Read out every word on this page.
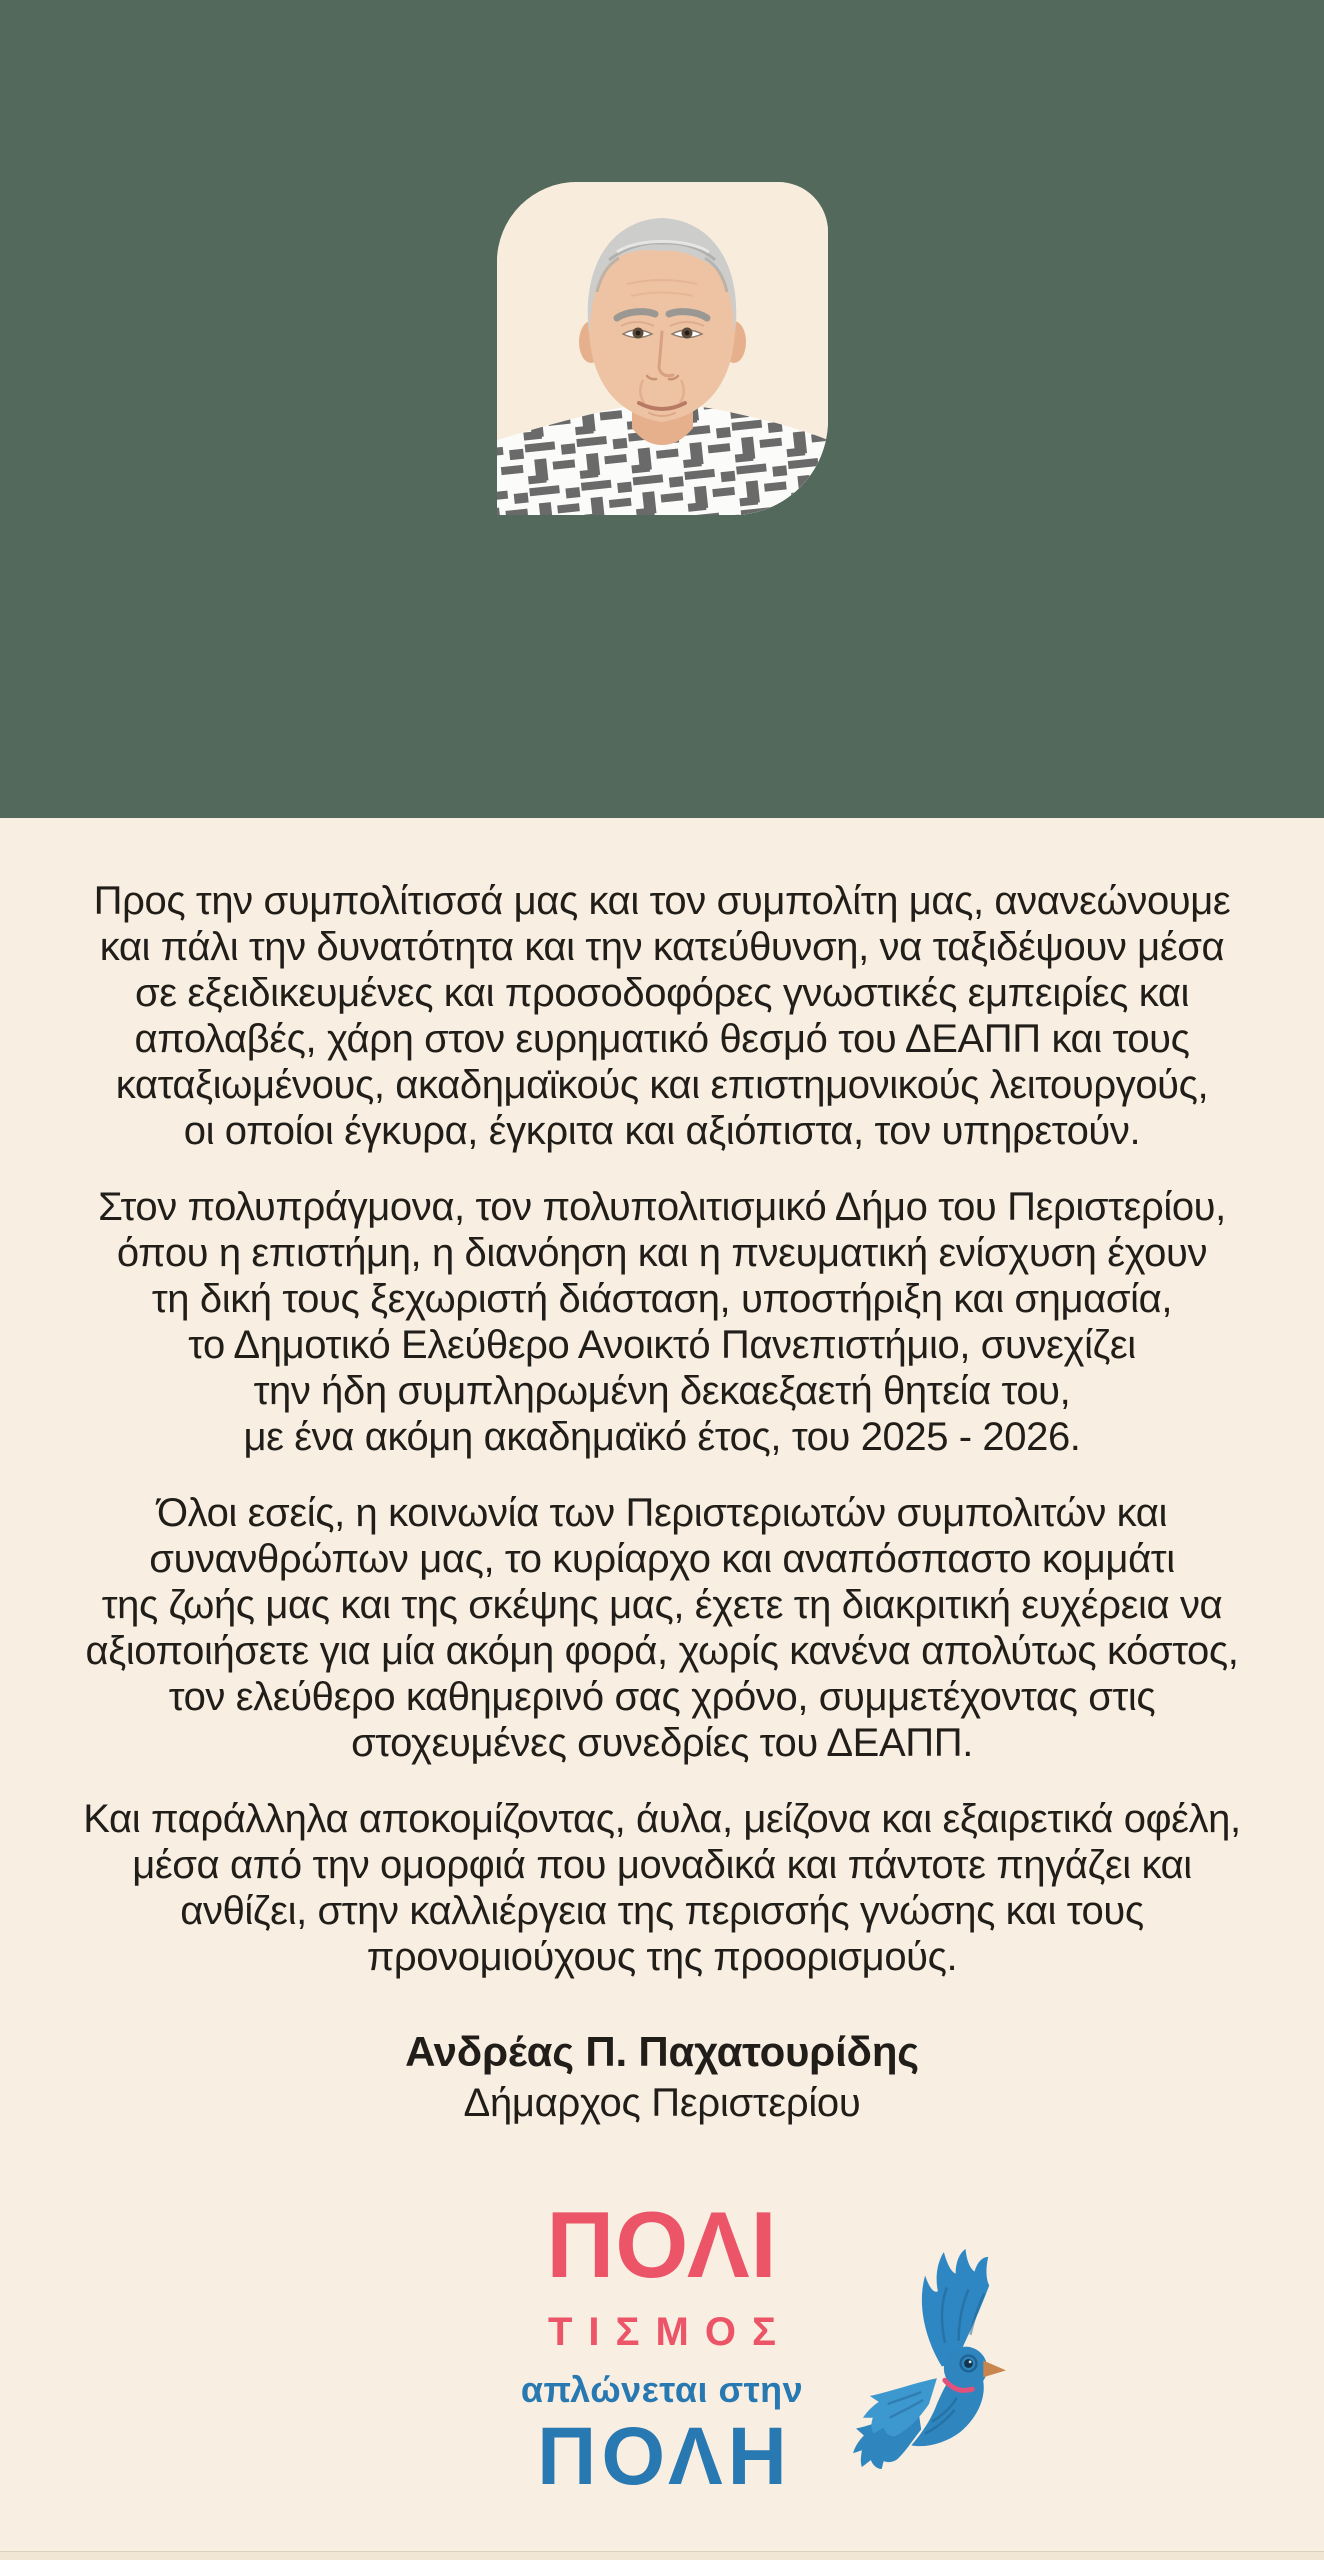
Προς την συμπολίτισσά μας και τον συμπολίτη μας, ανανεώνουμε
και πάλι την δυνατότητα και την κατεύθυνση, να ταξιδέψουν μέσα
σε εξειδικευμένες και προσοδοφόρες γνωστικές εμπειρίες και
απολαβές, χάρη στον ευρηματικό θεσμό του ΔΕΑΠΠ και τους
καταξιωμένους, ακαδημαϊκούς και επιστημονικούς λειτουργούς,
οι οποίοι έγκυρα, έγκριτα και αξιόπιστα, τον υπηρετούν.
Στον πολυπράγμονα, τον πολυπολιτισμικό Δήμο του Περιστερίου,
όπου η επιστήμη, η διανόηση και η πνευματική ενίσχυση έχουν
τη δική τους ξεχωριστή διάσταση, υποστήριξη και σημασία,
το Δημοτικό Ελεύθερο Ανοικτό Πανεπιστήμιο, συνεχίζει
την ήδη συμπληρωμένη δεκαεξαετή θητεία του,
με ένα ακόμη ακαδημαϊκό έτος, του 2025 - 2026.
Όλοι εσείς, η κοινωνία των Περιστεριωτών συμπολιτών και
συνανθρώπων μας, το κυρίαρχο και αναπόσπαστο κομμάτι
της ζωής μας και της σκέψης μας, έχετε τη διακριτική ευχέρεια να
αξιοποιήσετε για μία ακόμη φορά, χωρίς κανένα απολύτως κόστος,
τον ελεύθερο καθημερινό σας χρόνο, συμμετέχοντας στις
στοχευμένες συνεδρίες του ΔΕΑΠΠ.
Και παράλληλα αποκομίζοντας, άυλα, μείζονα και εξαιρετικά οφέλη,
μέσα από την ομορφιά που μοναδικά και πάντοτε πηγάζει και
ανθίζει, στην καλλιέργεια της περισσής γνώσης και τους
προνομιούχους της προορισμούς.
Ανδρέας Π. Παχατουρίδης
Δήμαρχος Περιστερίου
ΠΟΛΙ
ΤΙΣΜΟΣ
απλώνεται στην
ΠΟΛΗ
